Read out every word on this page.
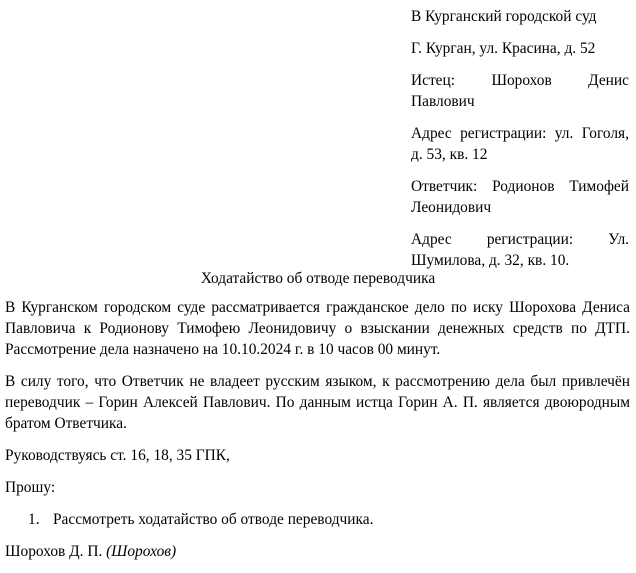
В Курганский городской суд

Г. Курган, ул. Красина, д. 52

Истец: Шорохов Денис Павлович

Адрес регистрации: ул. Гоголя, д. 53, кв. 12

Ответчик: Родионов Тимофей Леонидович

Адрес регистрации: Ул. Шумилова, д. 32, кв. 10.

Ходатайство об отводе переводчика

В Курганском городском суде рассматривается гражданское дело по иску Шорохова Дениса Павловича к Родионову Тимофею Леонидовичу о взыскании денежных средств по ДТП. Рассмотрение дела назначено на 10.10.2024 г. в 10 часов 00 минут.

В силу того, что Ответчик не владеет русским языком, к рассмотрению дела был привлечён переводчик – Горин Алексей Павлович. По данным истца Горин А. П. является двоюродным братом Ответчика.

Руководствуясь ст. 16, 18, 35 ГПК,

Прошу:

1. Рассмотреть ходатайство об отводе переводчика.

Шорохов Д. П. (Шорохов)
